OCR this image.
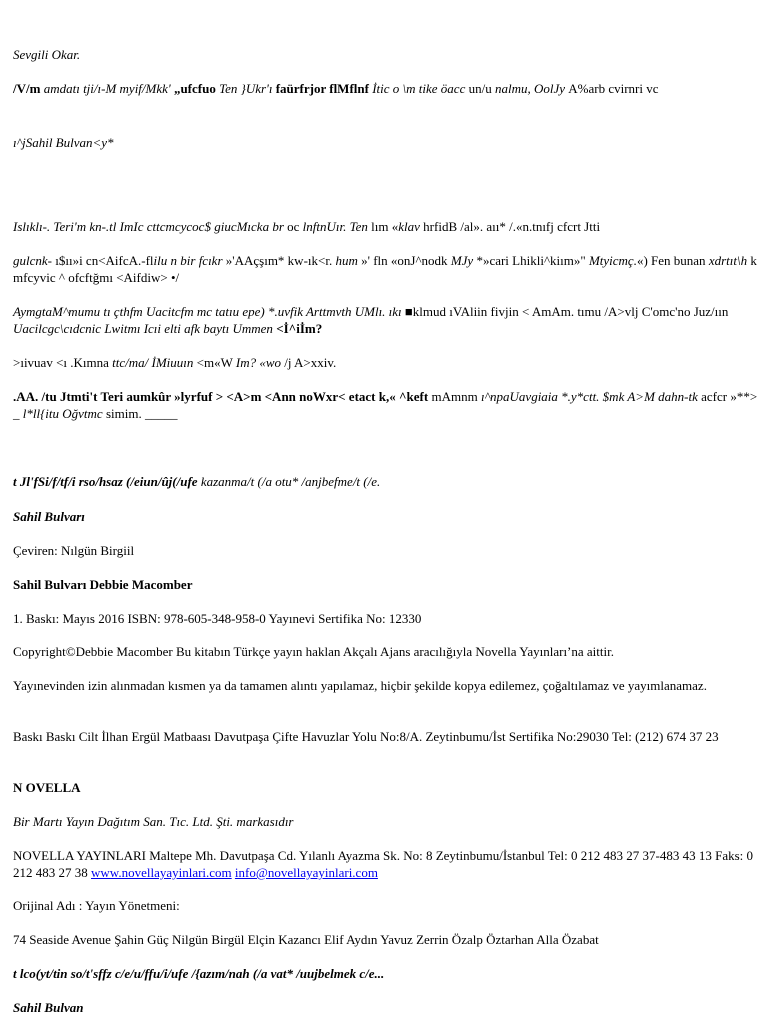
Sevgili Okar.
/V/m amdatı tji/ı-M myif/Mkk' „ufcfuo Ten }Ukr'ı faürfrjor flMflnf İtic o \m tike öacc un/u nalmu, OolJy A%arb cvirnri vc
ı^jSahil Bulvan<y*
Islıklı-. Teri'm kn-.tl ImIc cttcmcycoc$ giucMıcka br oc lnftnUır. Ten lım «klav hrfidB /al». aıı* /.«n.tnıfj cfcrt Jtti
gulcnk- ı$ıı»i cn<AifcA.-flilu n bir fcıkr »'AAçşım* kw-ık<r. hum »' fln «onJ^nodk MJy *»cari Lhikli^kiım»" Mtyicmç.«) Fen bunan xdrtıt\h k mfcyvic ^ ofcftğmı <Aifdiw> •/
AymgtaM^mumu tı çthfm Uacitcfm mc tatıu epe) *.uvfik Arttmvth UMlı. ıkı ■klmud ıVAliin fivjin < AmAm. tımu /A>vlj C'omc'no Juz/ıın Uacilcgc\cıdcnic Lwitmı Icıi elti afk baytı Ummen <İ^iİm?
>ıivuav <ı .Kımna ttc/ma/ İMiuuın <m«W Im? «wo /j A>xxiv.
.AA. /tu Jtmti't Teri aumkûr »lyrfuf > <A>m <Ann noWxr< etact k,« ^keft mAmnm ı^npaUavgiaia *.y*ctt. $mk A>M dahn-tk acfcr »**> _ l*ll{itu Oğvtmc simim. _____
t Jl'fSi/f/tf/i rso/hsaz (/eiun/ûj(/ufe kazanma/t (/a otu* /anjbefme/t (/e.
Sahil Bulvarı
Çeviren: Nılgün Birgiil
Sahil Bulvarı Debbie Macomber
1. Baskı: Mayıs 2016 ISBN: 978-605-348-958-0 Yayınevi Sertifika No: 12330
Copyright©Debbie Macomber Bu kitabın Türkçe yayın haklan Akçalı Ajans aracılığıyla Novella Yayınları’na aittir.
Yayınevinden izin alınmadan kısmen ya da tamamen alıntı yapılamaz, hiçbir şekilde kopya edilemez, çoğaltılamaz ve yayımlanamaz.
Baskı Baskı Cilt İlhan Ergül Matbaası Davutpaşa Çifte Havuzlar Yolu No:8/A. Zeytinbumu/İst Sertifika No:29030 Tel: (212) 674 37 23
N OVELLA
Bir Martı Yayın Dağıtım San. Tıc. Ltd. Şti. markasıdır
NOVELLA YAYINLARI Maltepe Mh. Davutpaşa Cd. Yılanlı Ayazma Sk. No: 8 Zeytinbumu/İstanbul Tel: 0 212 483 27 37-483 43 13 Faks: 0 212 483 27 38 www.novellayayinlari.com info@novellayayinlari.com
Orijinal Adı : Yayın Yönetmeni:
74 Seaside Avenue Şahin Güç Nilgün Birgül Elçin Kazancı Elif Aydın Yavuz Zerrin Özalp Öztarhan Alla Özabat
t lco(yt/tin so/t'sffz c/e/u/ffu/i/ufe /{azım/nah (/a vat* /uujbelmek c/e...
Sahil Bulvan
